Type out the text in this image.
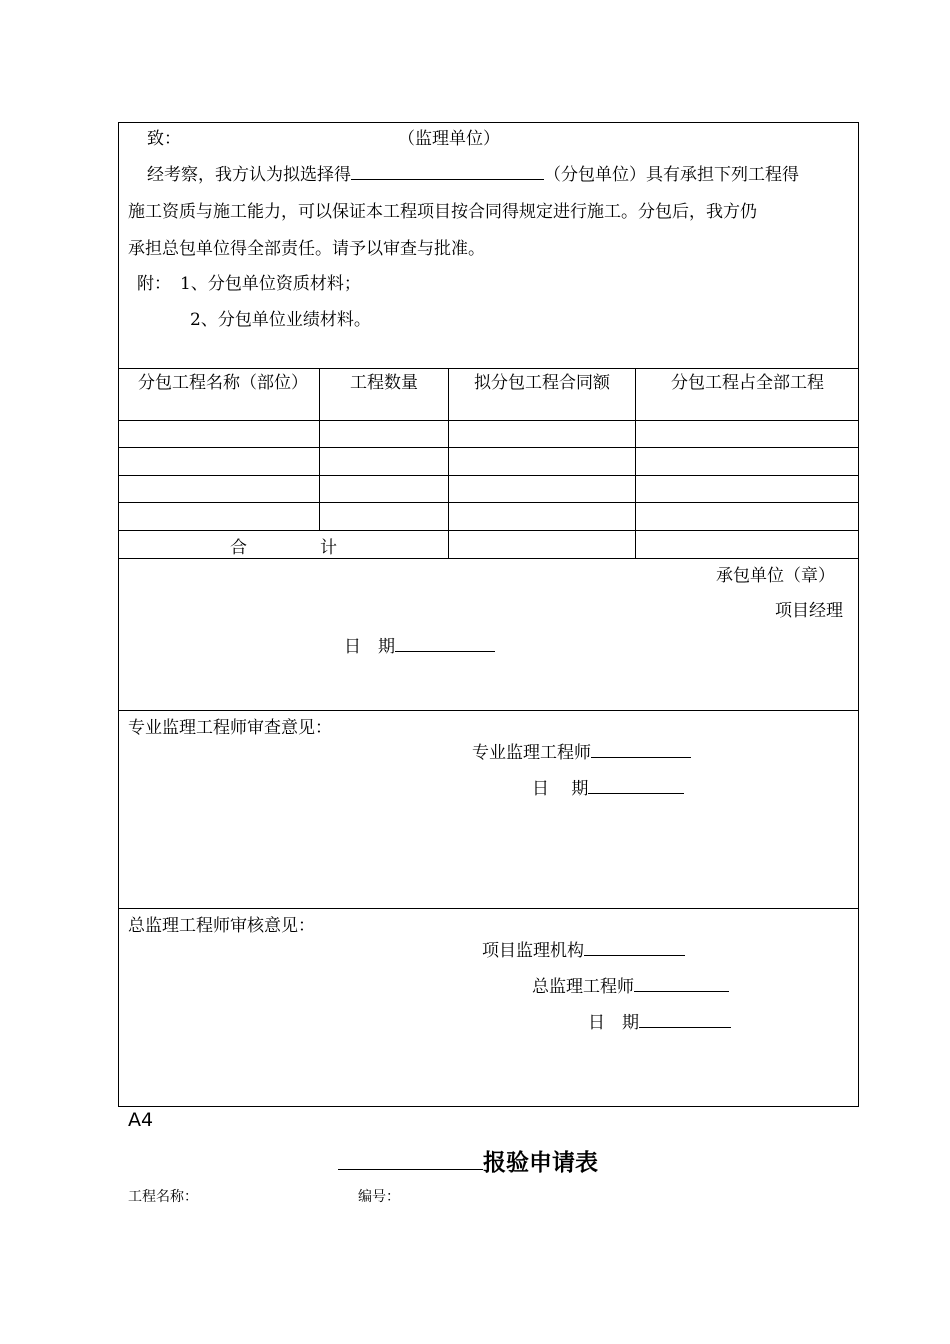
致：	（监理单位）
经考察，我方认为拟选择得	（分包单位）具有承担下列工程得
施工资质与施工能力，可以保证本工程项目按合同得规定进行施工。分包后，我方仍
承担总包单位得全部责任。请予以审查与批准。
附： 1、分包单位资质材料；
2、分包单位业绩材料。
分包工程名称（部位）	工程数量	拟分包工程合同额	分包工程占全部工程
合	计
承包单位（章）
项目经理
日　期
专业监理工程师审查意见：
专业监理工程师
日　 期
总监理工程师审核意见：
项目监理机构
总监理工程师
日　期
A4
报验申请表
工程名称：	编号：
